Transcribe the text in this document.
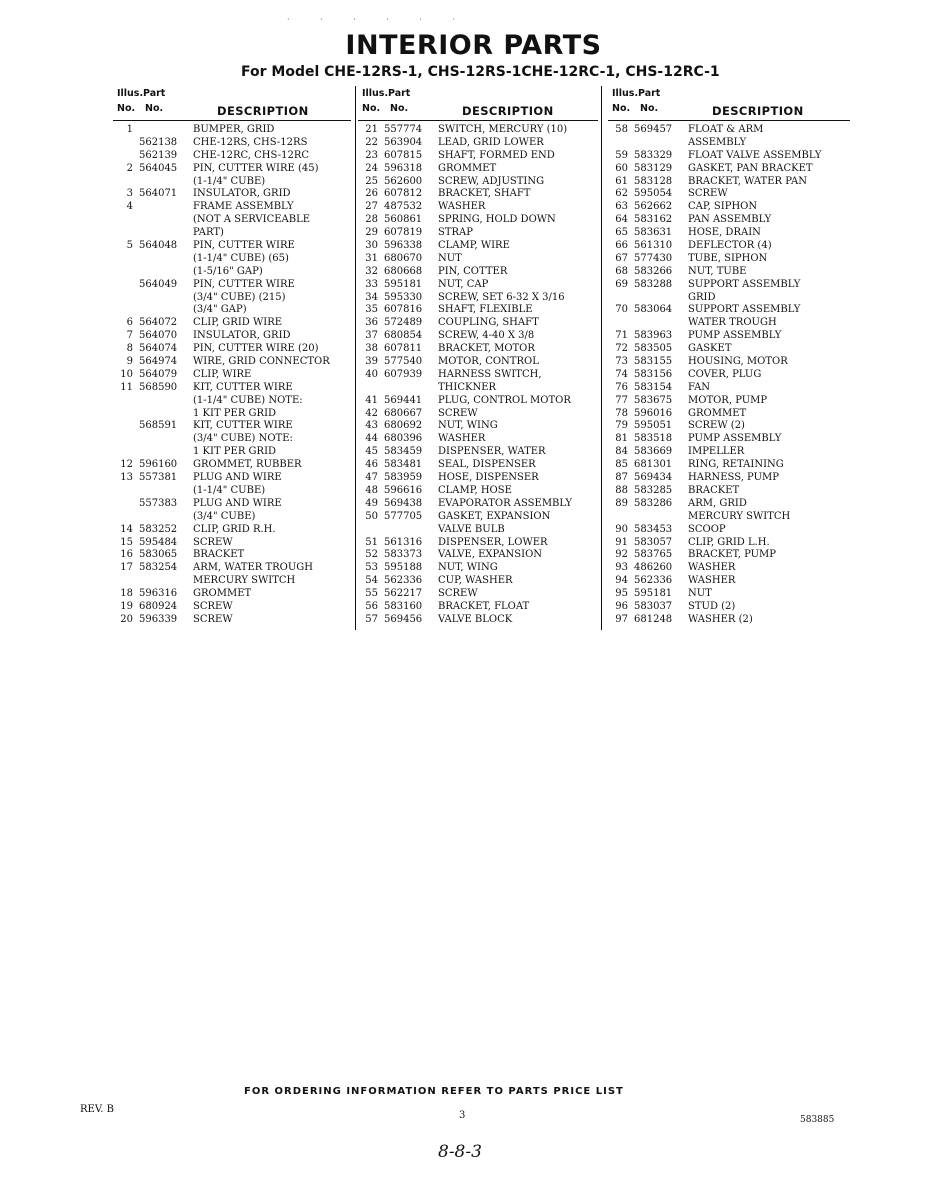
· · · · · ·
INTERIOR PARTS
For Model CHE-12RS-1, CHS-12RS-1CHE-12RC-1, CHS-12RC-1
Illus. Part
No. No.	DESCRIPTION
1	BUMPER, GRID
562138 CHE-12RS, CHS-12RS
562139 CHE-12RC, CHS-12RC
2 564045 PIN, CUTTER WIRE (45)
(1-1/4" CUBE)
3 564071 INSULATOR, GRID
4	FRAME ASSEMBLY
(NOT A SERVICEABLE
PART)
5 564048 PIN, CUTTER WIRE
(1-1/4" CUBE) (65)
(1-5/16" GAP)
564049 PIN, CUTTER WIRE
(3/4" CUBE) (215)
(3/4" GAP)
6 564072 CLIP, GRID WIRE
7 564070 INSULATOR, GRID
8 564074 PIN, CUTTER WIRE (20)
9 564974 WIRE, GRID CONNECTOR
10 564079 CLIP, WIRE
11 568590 KIT, CUTTER WIRE
(1-1/4" CUBE) NOTE:
1 KIT PER GRID
568591 KIT, CUTTER WIRE
(3/4" CUBE) NOTE:
1 KIT PER GRID
12 596160 GROMMET, RUBBER
13 557381 PLUG AND WIRE
(1-1/4" CUBE)
557383 PLUG AND WIRE
(3/4" CUBE)
14 583252 CLIP, GRID R.H.
15 595484 SCREW
16 583065 BRACKET
17 583254 ARM, WATER TROUGH
MERCURY SWITCH
18 596316 GROMMET
19 680924 SCREW
20 596339 SCREW
Illus. Part
No. No.	DESCRIPTION
21 557774 SWITCH, MERCURY (10)
22 563904 LEAD, GRID LOWER
23 607815 SHAFT, FORMED END
24 596318 GROMMET
25 562600 SCREW, ADJUSTING
26 607812 BRACKET, SHAFT
27 487532 WASHER
28 560861 SPRING, HOLD DOWN
29 607819 STRAP
30 596338 CLAMP, WIRE
31 680670 NUT
32 680668 PIN, COTTER
33 595181 NUT, CAP
34 595330 SCREW, SET 6-32 X 3/16
35 607816 SHAFT, FLEXIBLE
36 572489 COUPLING, SHAFT
37 680854 SCREW, 4-40 X 3/8
38 607811 BRACKET, MOTOR
39 577540 MOTOR, CONTROL
40 607939 HARNESS SWITCH,
THICKNER
41 569441 PLUG, CONTROL MOTOR
42 680667 SCREW
43 680692 NUT, WING
44 680396 WASHER
45 583459 DISPENSER, WATER
46 583481 SEAL, DISPENSER
47 583959 HOSE, DISPENSER
48 596616 CLAMP, HOSE
49 569438 EVAPORATOR ASSEMBLY
50 577705 GASKET, EXPANSION
VALVE BULB
51 561316 DISPENSER, LOWER
52 583373 VALVE, EXPANSION
53 595188 NUT, WING
54 562336 CUP, WASHER
55 562217 SCREW
56 583160 BRACKET, FLOAT
57 569456 VALVE BLOCK
Illus. Part
No. No.	DESCRIPTION
58 569457 FLOAT & ARM
ASSEMBLY
59 583329 FLOAT VALVE ASSEMBLY
60 583129 GASKET, PAN BRACKET
61 583128 BRACKET, WATER PAN
62 595054 SCREW
63 562662 CAP, SIPHON
64 583162 PAN ASSEMBLY
65 583631 HOSE, DRAIN
66 561310 DEFLECTOR (4)
67 577430 TUBE, SIPHON
68 583266 NUT, TUBE
69 583288 SUPPORT ASSEMBLY
GRID
70 583064 SUPPORT ASSEMBLY
WATER TROUGH
71 583963 PUMP ASSEMBLY
72 583505 GASKET
73 583155 HOUSING, MOTOR
74 583156 COVER, PLUG
76 583154 FAN
77 583675 MOTOR, PUMP
78 596016 GROMMET
79 595051 SCREW (2)
81 583518 PUMP ASSEMBLY
84 583669 IMPELLER
85 681301 RING, RETAINING
87 569434 HARNESS, PUMP
88 583285 BRACKET
89 583286 ARM, GRID
MERCURY SWITCH
90 583453 SCOOP
91 583057 CLIP, GRID L.H.
92 583765 BRACKET, PUMP
93 486260 WASHER
94 562336 WASHER
95 595181 NUT
96 583037 STUD (2)
97 681248 WASHER (2)
FOR ORDERING INFORMATION REFER TO PARTS PRICE LIST
REV. B
3	583885
8-8-3
